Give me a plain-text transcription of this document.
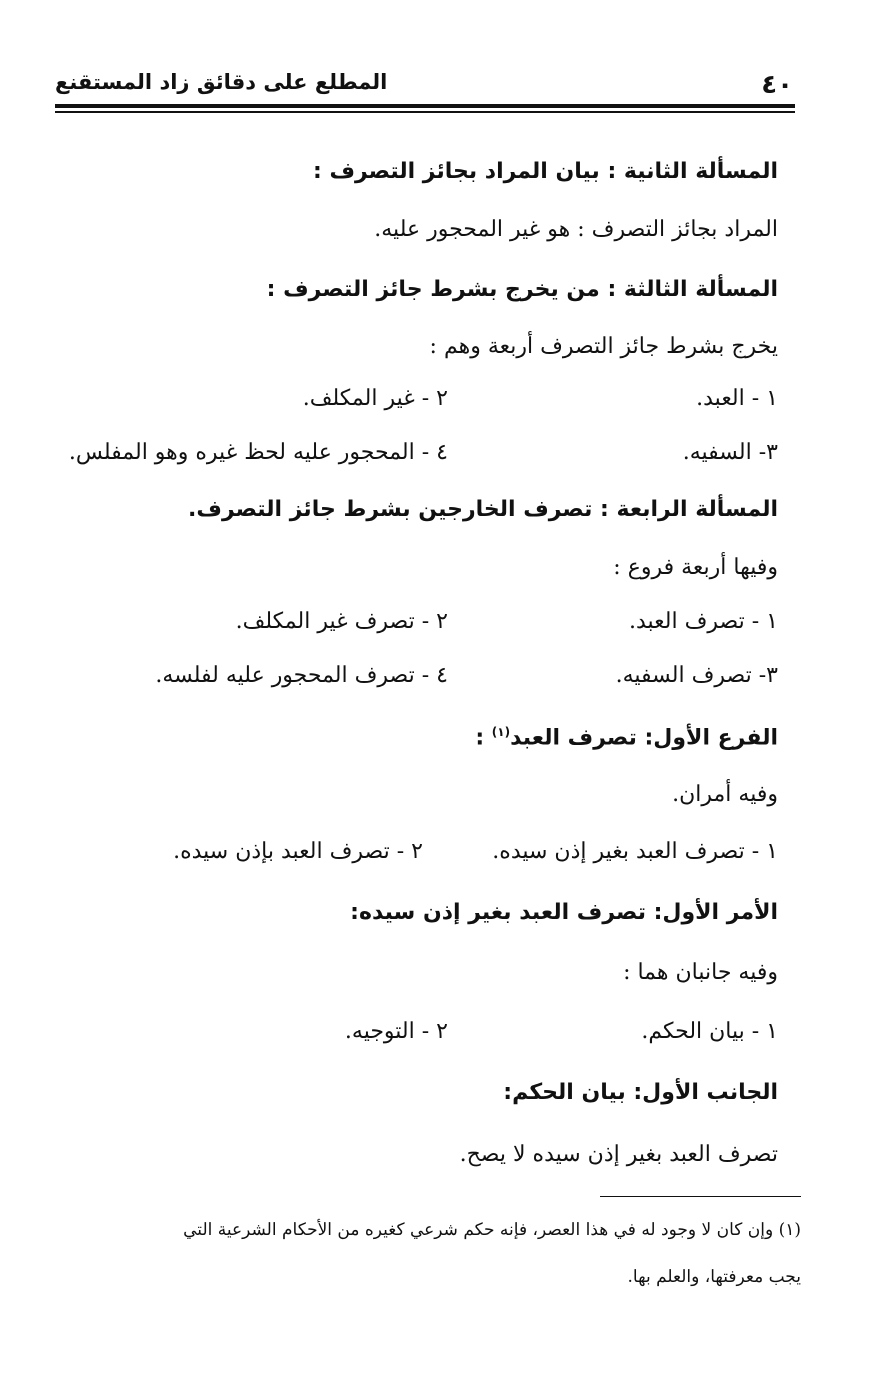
٤٠
المطلع على دقائق زاد المستقنع
المسألة الثانية : بيان المراد بجائز التصرف :
المراد بجائز التصرف : هو غير المحجور عليه.
المسألة الثالثة : من يخرج بشرط جائز التصرف :
يخرج بشرط جائز التصرف أربعة وهم :
١ - العبد.
٢ - غير المكلف.
٣- السفيه.
٤ - المحجور عليه لحظ غيره وهو المفلس.
المسألة الرابعة : تصرف الخارجين بشرط جائز التصرف.
وفيها أربعة فروع :
١ - تصرف العبد.
٢ - تصرف غير المكلف.
٣- تصرف السفيه.
٤ - تصرف المحجور عليه لفلسه.
الفرع الأول: تصرف العبد$^{(١)}$ :
وفيه أمران.
١ - تصرف العبد بغير إذن سيده.
٢ - تصرف العبد بإذن سيده.
الأمر الأول: تصرف العبد بغير إذن سيده:
وفيه جانبان هما :
١ - بيان الحكم.
٢ - التوجيه.
الجانب الأول: بيان الحكم:
تصرف العبد بغير إذن سيده لا يصح.
(١) وإن كان لا وجود له في هذا العصر، فإنه حكم شرعي كغيره من الأحكام الشرعية التي
يجب معرفتها، والعلم بها.
